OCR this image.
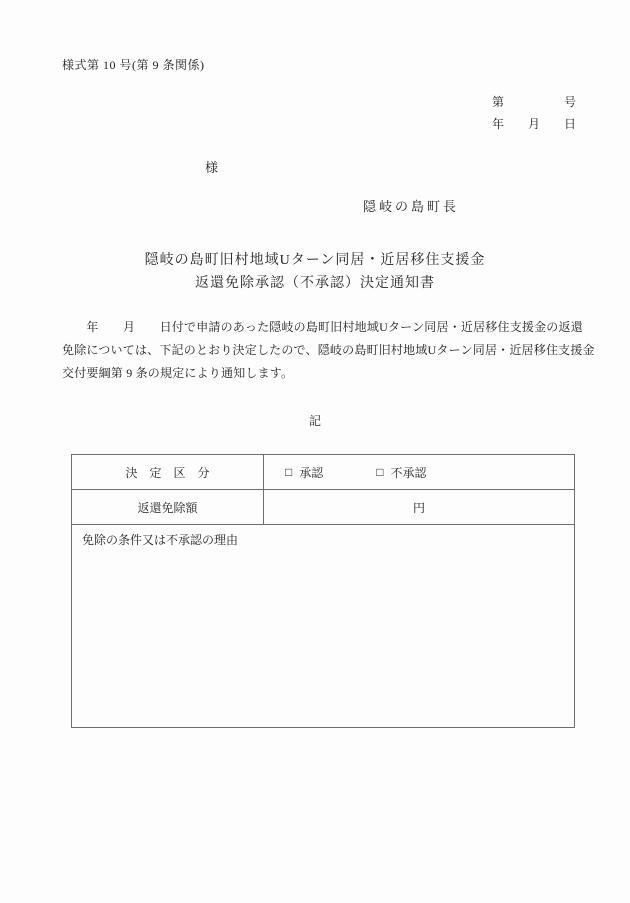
様式第 10 号(第 9 条関係)
第	号
年 月 日
様
隠岐の島町長
隠岐の島町旧村地域Uターン同居・近居移住支援金
返還免除承認（不承認）決定通知書
　　年　　月　　日付で申請のあった隠岐の島町旧村地域Uターン同居・近居移住支援金の返還
免除については、下記のとおり決定したので、隠岐の島町旧村地域Uターン同居・近居移住支援金
交付要綱第 9 条の規定により通知します。
記
決　定　区　分	□ 承認 □ 不承認

返還免除額	円

免除の条件又は不承認の理由	
